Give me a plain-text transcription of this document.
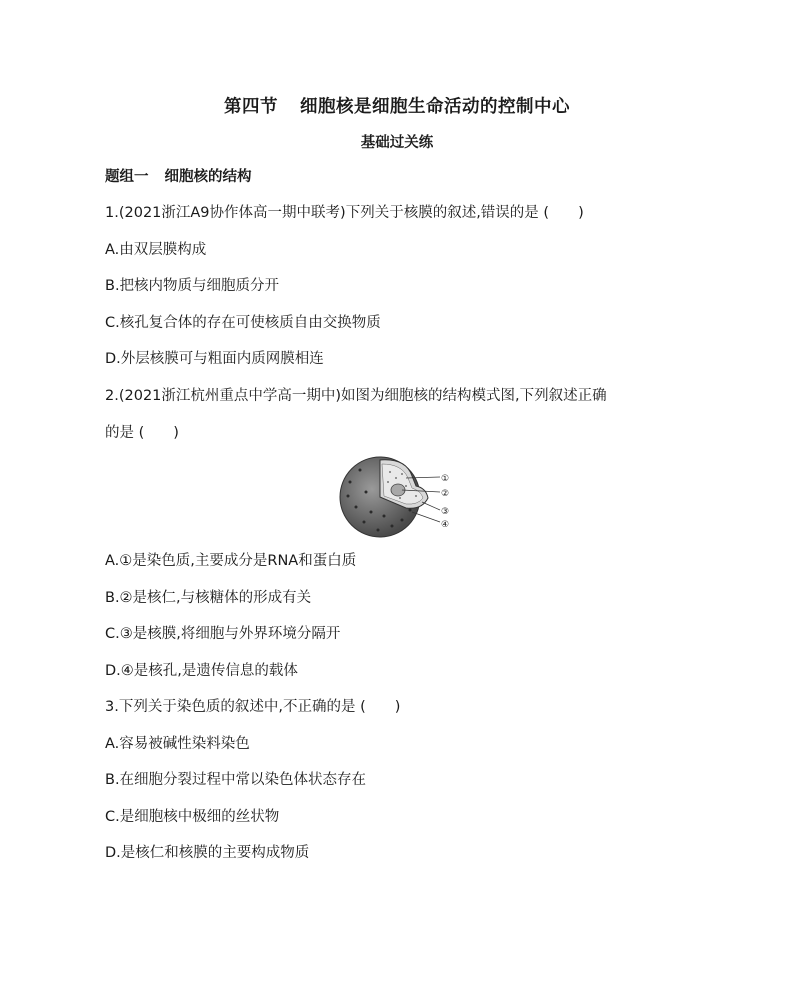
第四节 细胞核是细胞生命活动的控制中心
基础过关练
题组一 细胞核的结构
1.(2021浙江A9协作体高一期中联考)下列关于核膜的叙述,错误的是 (　　)
A.由双层膜构成
B.把核内物质与细胞质分开
C.核孔复合体的存在可使核质自由交换物质
D.外层核膜可与粗面内质网膜相连
2.(2021浙江杭州重点中学高一期中)如图为细胞核的结构模式图,下列叙述正确
的是 (　　)
①
②
③
④
A.①是染色质,主要成分是RNA和蛋白质
B.②是核仁,与核糖体的形成有关
C.③是核膜,将细胞与外界环境分隔开
D.④是核孔,是遗传信息的载体
3.下列关于染色质的叙述中,不正确的是 (　　)
A.容易被碱性染料染色
B.在细胞分裂过程中常以染色体状态存在
C.是细胞核中极细的丝状物
D.是核仁和核膜的主要构成物质
